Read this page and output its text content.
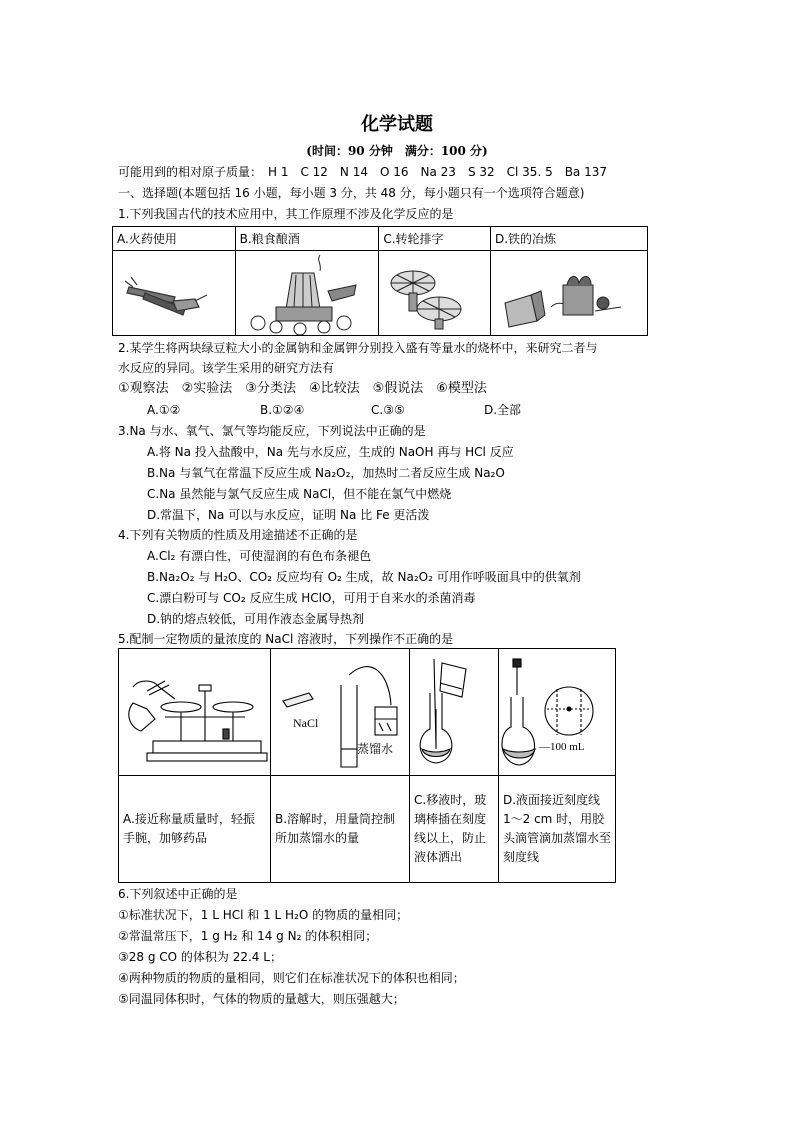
化学试题
(时间：90 分钟　满分：100 分)
可能用到的相对原子质量：　H 1　C 12　N 14　O 16　Na 23　S 32　Cl 35. 5　Ba 137
一、选择题(本题包括 16 小题，每小题 3 分，共 48 分，每小题只有一个选项符合题意)
1.下列我国古代的技术应用中，其工作原理不涉及化学反应的是
A.火药使用	B.粮食酿酒	C.转轮排字	D.铁的冶炼

2.某学生将两块绿豆粒大小的金属钠和金属钾分别投入盛有等量水的烧杯中，来研究二者与
水反应的异同。该学生采用的研究方法有
①观察法　②实验法　③分类法　④比较法　⑤假说法　⑥模型法
A.①②	B.①②④	C.③⑤	D.全部
3.Na 与水、氧气、氯气等均能反应，下列说法中正确的是
A.将 Na 投入盐酸中，Na 先与水反应，生成的 NaOH 再与 HCl 反应
B.Na 与氧气在常温下反应生成 Na₂O₂，加热时二者反应生成 Na₂O
C.Na 虽然能与氯气反应生成 NaCl，但不能在氯气中燃烧
D.常温下，Na 可以与水反应，证明 Na 比 Fe 更活泼
4.下列有关物质的性质及用途描述不正确的是
A.Cl₂ 有漂白性，可使湿润的有色布条褪色
B.Na₂O₂ 与 H₂O、CO₂ 反应均有 O₂ 生成，故 Na₂O₂ 可用作呼吸面具中的供氧剂
C.漂白粉可与 CO₂ 反应生成 HClO，可用于自来水的杀菌消毒
D.钠的熔点较低，可用作液态金属导热剂
5.配制一定物质的量浓度的 NaCl 溶液时，下列操作不正确的是

NaCl
蒸馏水		—100 mL

A.接近称量质量时，轻振手腕，加够药品	B.溶解时，用量筒控制所加蒸馏水的量	C.移液时，玻璃棒插在刻度线以上，防止液体洒出	D.液面接近刻度线 1～2 cm 时，用胶头滴管滴加蒸馏水至刻度线
6.下列叙述中正确的是
①标准状况下，1 L HCl 和 1 L H₂O 的物质的量相同；
②常温常压下，1 g H₂ 和 14 g N₂ 的体积相同；
③28 g CO 的体积为 22.4 L；
④两种物质的物质的量相同，则它们在标准状况下的体积也相同；
⑤同温同体积时，气体的物质的量越大，则压强越大；
